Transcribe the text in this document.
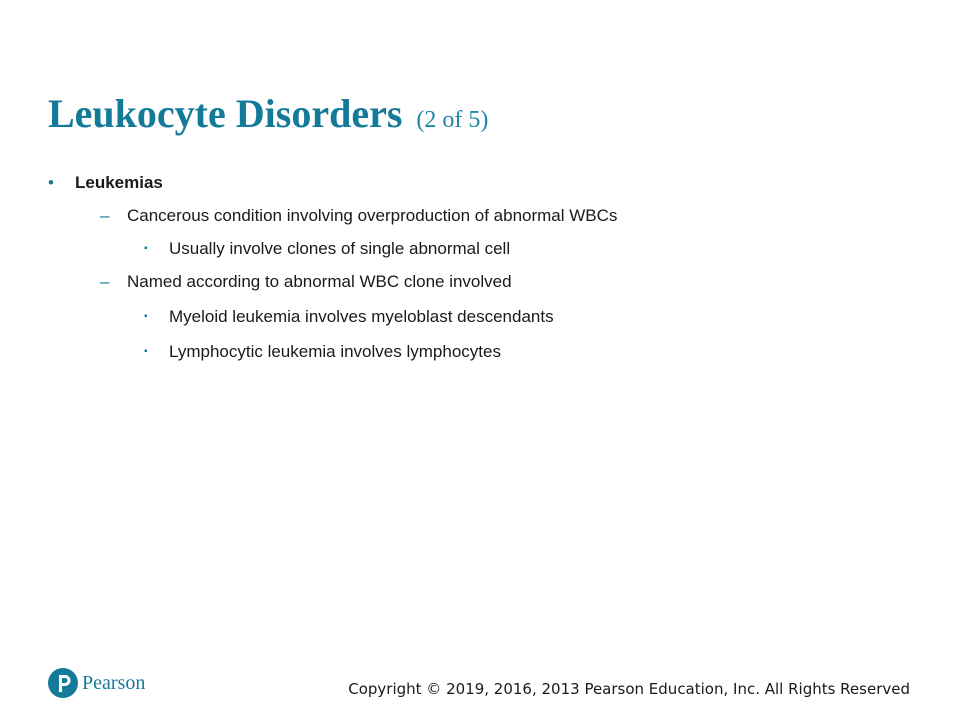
Leukocyte Disorders (2 of 5)
• Leukemias
– Cancerous condition involving overproduction of abnormal WBCs
▪ Usually involve clones of single abnormal cell
– Named according to abnormal WBC clone involved
▪ Myeloid leukemia involves myeloblast descendants
▪ Lymphocytic leukemia involves lymphocytes
Pearson	Copyright © 2019, 2016, 2013 Pearson Education, Inc. All Rights Reserved
